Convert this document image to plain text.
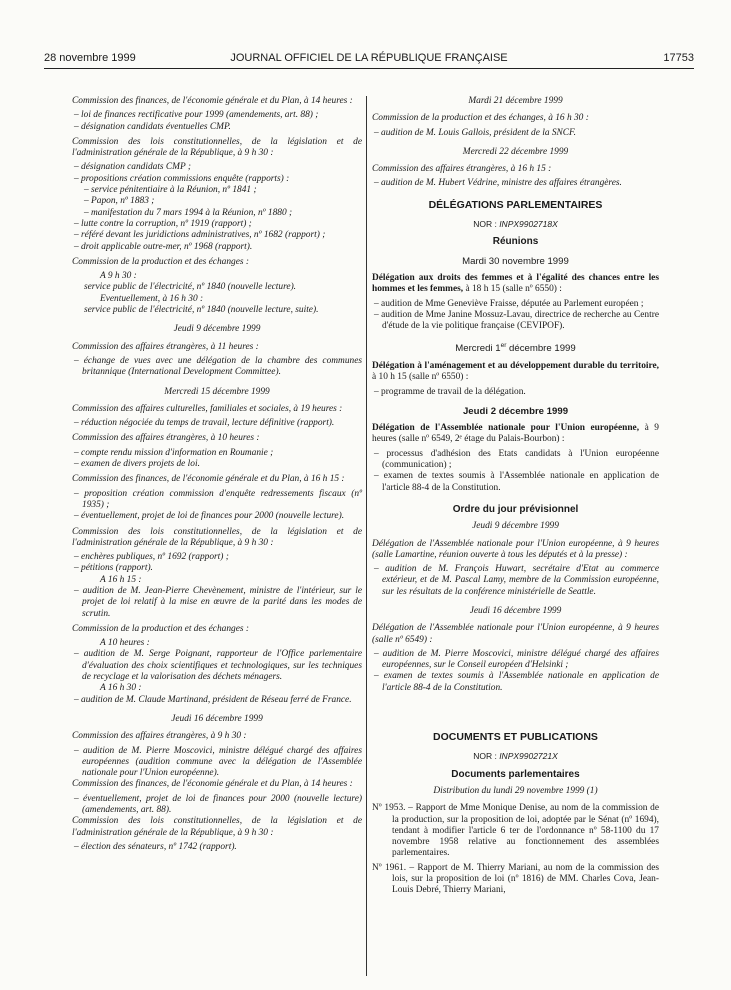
28 novembre 1999	JOURNAL OFFICIEL DE LA RÉPUBLIQUE FRANÇAISE	17753

Commission des finances, de l'économie générale et du Plan, à 14 heures :

– loi de finances rectificative pour 1999 (amendements, art. 88) ;
– désignation candidats éventuelles CMP.

Commission des lois constitutionnelles, de la législation et de l'administration générale de la République, à 9 h 30 :

– désignation candidats CMP ;
– propositions création commissions enquête (rapports) :
– service pénitentiaire à la Réunion, nº 1841 ;
– Papon, nº 1883 ;
– manifestation du 7 mars 1994 à la Réunion, nº 1880 ;
– lutte contre la corruption, nº 1919 (rapport) ;
– référé devant les juridictions administratives, nº 1682 (rapport) ;
– droit applicable outre-mer, nº 1968 (rapport).

Commission de la production et des échanges :

A 9 h 30 :
service public de l'électricité, nº 1840 (nouvelle lecture).
Eventuellement, à 16 h 30 :
service public de l'électricité, nº 1840 (nouvelle lecture, suite).
Jeudi 9 décembre 1999

Commission des affaires étrangères, à 11 heures :

– échange de vues avec une délégation de la chambre des communes britannique (International Development Committee).
Mercredi 15 décembre 1999

Commission des affaires culturelles, familiales et sociales, à 19 heures :

– réduction négociée du temps de travail, lecture définitive (rapport).

Commission des affaires étrangères, à 10 heures :

– compte rendu mission d'information en Roumanie ;
– examen de divers projets de loi.

Commission des finances, de l'économie générale et du Plan, à 16 h 15 :

– proposition création commission d'enquête redressements fiscaux (nº 1935) ;
– éventuellement, projet de loi de finances pour 2000 (nouvelle lecture).

Commission des lois constitutionnelles, de la législation et de l'administration générale de la République, à 9 h 30 :

– enchères publiques, nº 1692 (rapport) ;
– pétitions (rapport).
A 16 h 15 :
– audition de M. Jean-Pierre Chevènement, ministre de l'intérieur, sur le projet de loi relatif à la mise en œuvre de la parité dans les modes de scrutin.

Commission de la production et des échanges :

A 10 heures :
– audition de M. Serge Poignant, rapporteur de l'Office parlementaire d'évaluation des choix scientifiques et technologiques, sur les techniques de recyclage et la valorisation des déchets ménagers.
A 16 h 30 :
– audition de M. Claude Martinand, président de Réseau ferré de France.
Jeudi 16 décembre 1999

Commission des affaires étrangères, à 9 h 30 :

– audition de M. Pierre Moscovici, ministre délégué chargé des affaires européennes (audition commune avec la délégation de l'Assemblée nationale pour l'Union européenne).

Commission des finances, de l'économie générale et du Plan, à 14 heures :

– éventuellement, projet de loi de finances pour 2000 (nouvelle lecture) (amendements, art. 88).

Commission des lois constitutionnelles, de la législation et de l'administration générale de la République, à 9 h 30 :

– élection des sénateurs, nº 1742 (rapport).
Mardi 21 décembre 1999

Commission de la production et des échanges, à 16 h 30 :

– audition de M. Louis Gallois, président de la SNCF.
Mercredi 22 décembre 1999

Commission des affaires étrangères, à 16 h 15 :

– audition de M. Hubert Védrine, ministre des affaires étrangères.
DÉLÉGATIONS PARLEMENTAIRES
NOR : INPX9902718X
Réunions
Mardi 30 novembre 1999

Délégation aux droits des femmes et à l'égalité des chances entre les hommes et les femmes, à 18 h 15 (salle nº 6550) :

– audition de Mme Geneviève Fraisse, députée au Parlement européen ;
– audition de Mme Janine Mossuz-Lavau, directrice de recherche au Centre d'étude de la vie politique française (CEVIPOF).
Mercredi 1er décembre 1999

Délégation à l'aménagement et au développement durable du territoire, à 10 h 15 (salle nº 6550) :

– programme de travail de la délégation.
Jeudi 2 décembre 1999

Délégation de l'Assemblée nationale pour l'Union européenne, à 9 heures (salle nº 6549, 2ᵉ étage du Palais-Bourbon) :

– processus d'adhésion des Etats candidats à l'Union européenne (communication) ;
– examen de textes soumis à l'Assemblée nationale en application de l'article 88-4 de la Constitution.
Ordre du jour prévisionnel
Jeudi 9 décembre 1999

Délégation de l'Assemblée nationale pour l'Union européenne, à 9 heures (salle Lamartine, réunion ouverte à tous les députés et à la presse) :

– audition de M. François Huwart, secrétaire d'Etat au commerce extérieur, et de M. Pascal Lamy, membre de la Commission européenne, sur les résultats de la conférence ministérielle de Seattle.
Jeudi 16 décembre 1999

Délégation de l'Assemblée nationale pour l'Union européenne, à 9 heures (salle nº 6549) :

– audition de M. Pierre Moscovici, ministre délégué chargé des affaires européennes, sur le Conseil européen d'Helsinki ;
– examen de textes soumis à l'Assemblée nationale en application de l'article 88-4 de la Constitution.
DOCUMENTS ET PUBLICATIONS
NOR : INPX9902721X
Documents parlementaires
Distribution du lundi 29 novembre 1999 (1)

Nº 1953. – Rapport de Mme Monique Denise, au nom de la commission de la production, sur la proposition de loi, adoptée par le Sénat (nº 1694), tendant à modifier l'article 6 ter de l'ordonnance nº 58-1100 du 17 novembre 1958 relative au fonctionnement des assemblées parlementaires.

Nº 1961. – Rapport de M. Thierry Mariani, au nom de la commission des lois, sur la proposition de loi (nº 1816) de MM. Charles Cova, Jean-Louis Debré, Thierry Mariani,
